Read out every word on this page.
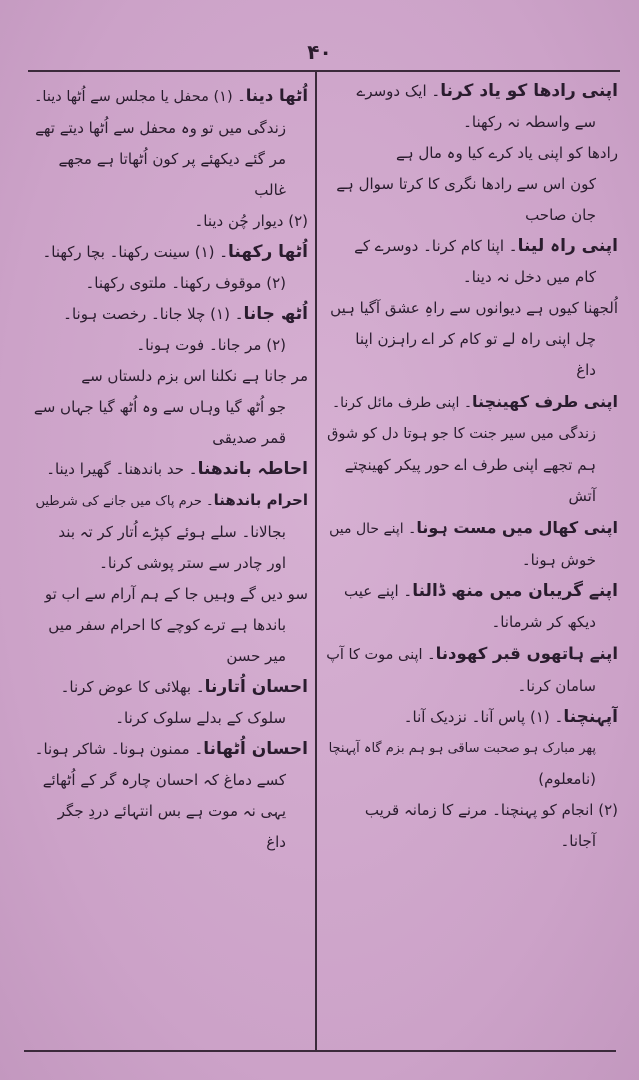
۴۰
اپنی رادھا کو یاد کرنا۔ ایک دوسرے
سے واسطہ نہ رکھنا۔
رادھا کو اپنی یاد کرے کیا وہ مال ہے
کون اس سے رادھا نگری کا کرتا سوال ہے
جان صاحب
اپنی راہ لینا۔ اپنا کام کرنا۔ دوسرے کے
کام میں دخل نہ دینا۔
اُلجھنا کیوں ہے دیوانوں سے راہِ عشق آگیا ہیں
چل اپنی راہ لے تو کام کر اے راہزن اپنا
داغ
اپنی طرف کھینچنا۔ اپنی طرف مائل کرنا۔
زندگی میں سیر جنت کا جو ہوتا دل کو شوق
ہم تجھے اپنی طرف اے حور پیکر کھینچتے
آتش
اپنی کھال میں مست ہونا۔ اپنے حال میں
خوش ہونا۔
اپنے گریبان میں منھ ڈالنا۔ اپنے عیب
دیکھ کر شرمانا۔
اپنے ہاتھوں قبر کھودنا۔ اپنی موت کا آپ
سامان کرنا۔
آپہنچنا۔ (۱) پاس آنا۔ نزدیک آنا۔
پھر مبارک ہو صحبت ساقی ہو ہم بزم گاہ آپہنچا
(نامعلوم)
(۲) انجام کو پہنچنا۔ مرنے کا زمانہ قریب
آجانا۔
اُٹھا دینا۔ (۱) محفل یا مجلس سے اُٹھا دینا۔
زندگی میں تو وہ محفل سے اُٹھا دیتے تھے
مر گئے دیکھئے پر کون اُٹھاتا ہے مجھے
غالب
(۲) دیوار چُن دینا۔
اُٹھا رکھنا۔ (۱) سینت رکھنا۔ بچا رکھنا۔
(۲) موقوف رکھنا۔ ملتوی رکھنا۔
اُٹھ جانا۔ (۱) چلا جانا۔ رخصت ہونا۔
(۲) مر جانا۔ فوت ہونا۔
مر جانا ہے نکلنا اس بزم دلستاں سے
جو اُٹھ گیا وہاں سے وہ اُٹھ گیا جہاں سے
قمر صدیقی
احاطہ باندھنا۔ حد باندھنا۔ گھیرا دینا۔
احرام باندھنا۔ حرم پاک میں جانے کی شرطیں
بجالانا۔ سلے ہوئے کپڑے اُتار کر تہ بند
اور چادر سے ستر پوشی کرنا۔
سو دیں گے وہیں جا کے ہم آرام سے اب تو
باندھا ہے ترے کوچے کا احرام سفر میں
میر حسن
احسان اُتارنا۔ بھلائی کا عوض کرنا۔
سلوک کے بدلے سلوک کرنا۔
احسان اُٹھانا۔ ممنون ہونا۔ شاکر ہونا۔
کسے دماغ کہ احسان چارہ گر کے اُٹھائے
یہی نہ موت ہے بس انتہائے دردِ جگر
داغ
